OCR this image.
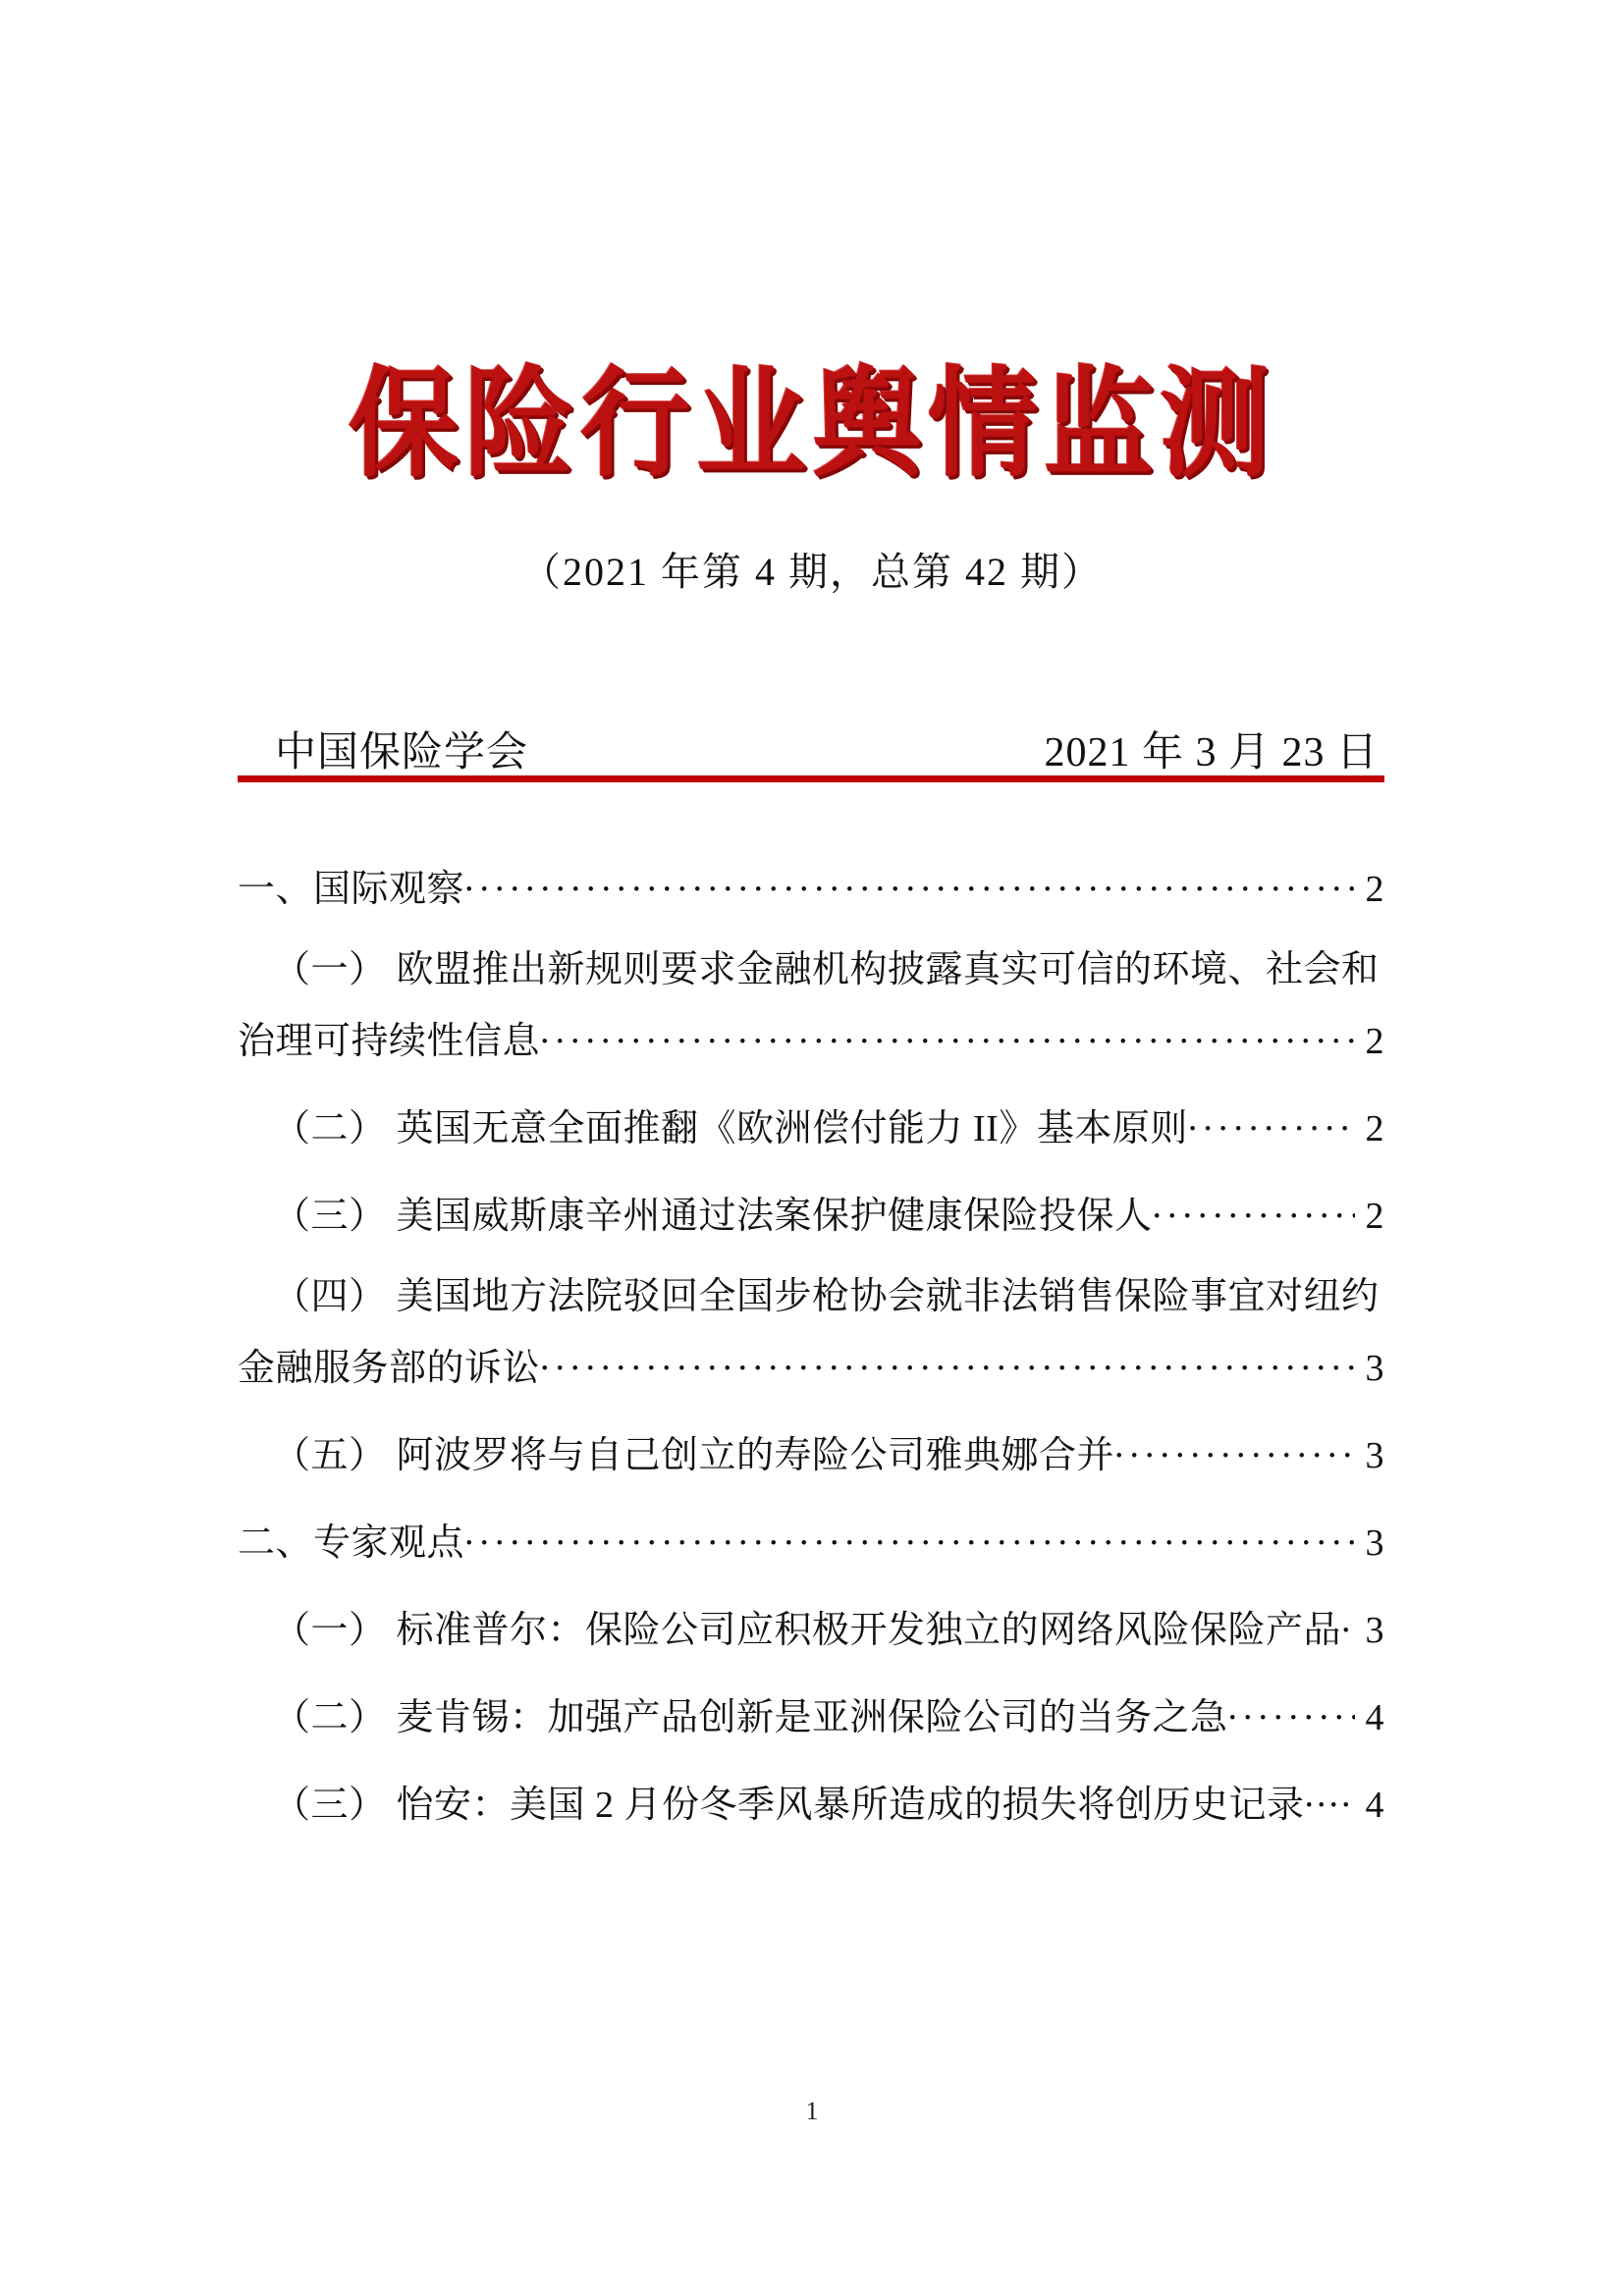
保险行业舆情监测
（2021 年第 4 期，总第 42 期）
中国保险学会	2021 年 3 月 23 日
一、国际观察 .....	2
（一） 欧盟推出新规则要求金融机构披露真实可信的环境、社会和
治理可持续性信息 .....	2
（二） 英国无意全面推翻《欧洲偿付能力 II》基本原则 .....	2
（三） 美国威斯康辛州通过法案保护健康保险投保人 .....	2
（四） 美国地方法院驳回全国步枪协会就非法销售保险事宜对纽约
金融服务部的诉讼 .....	3
（五） 阿波罗将与自己创立的寿险公司雅典娜合并 .....	3
二、专家观点 .....	3
（一） 标准普尔：保险公司应积极开发独立的网络风险保险产品 ..... 3
（二） 麦肯锡：加强产品创新是亚洲保险公司的当务之急 .....	4
（三） 怡安：美国 2 月份冬季风暴所造成的损失将创历史记录 ..... 4
1
